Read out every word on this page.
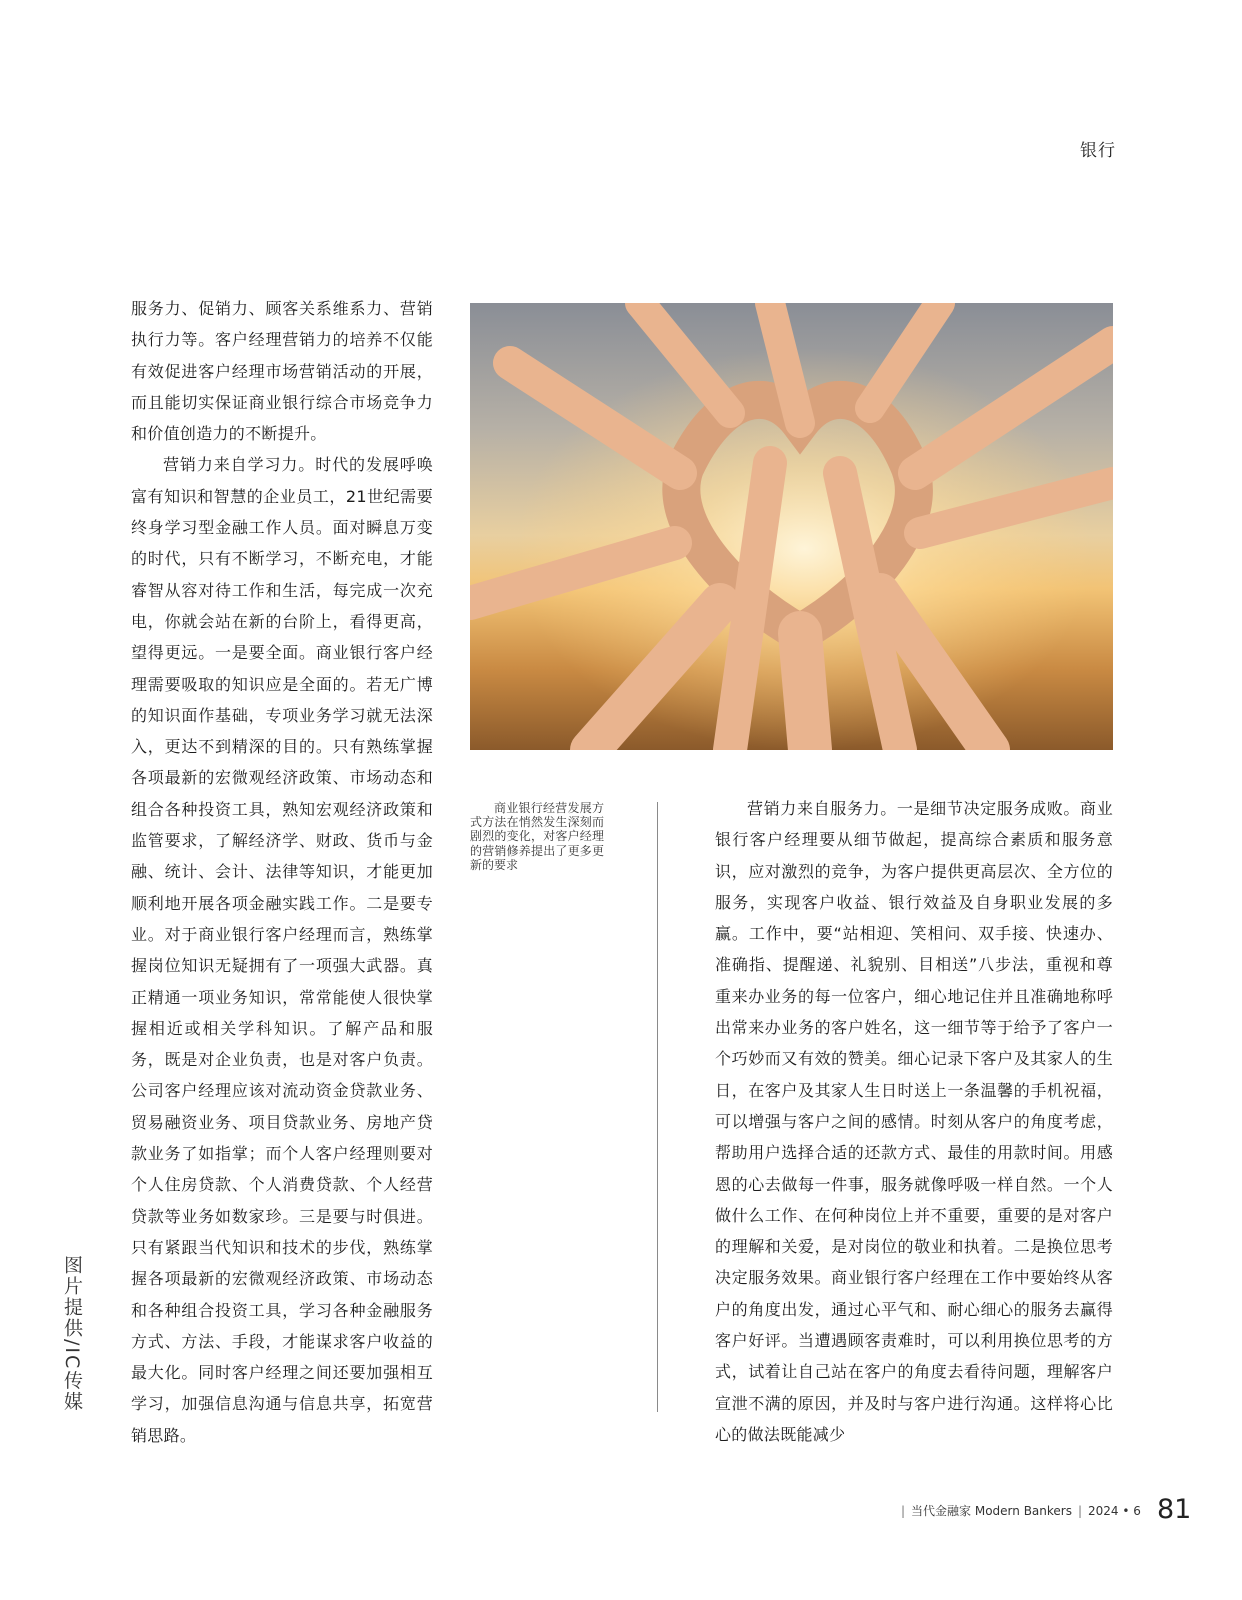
银行

服务力、促销力、顾客关系维系力、营销执行力等。客户经理营销力的培养不仅能有效促进客户经理市场营销活动的开展，而且能切实保证商业银行综合市场竞争力和价值创造力的不断提升。

营销力来自学习力。时代的发展呼唤富有知识和智慧的企业员工，21世纪需要终身学习型金融工作人员。面对瞬息万变的时代，只有不断学习，不断充电，才能睿智从容对待工作和生活，每完成一次充电，你就会站在新的台阶上，看得更高，望得更远。一是要全面。商业银行客户经理需要吸取的知识应是全面的。若无广博的知识面作基础，专项业务学习就无法深入，更达不到精深的目的。只有熟练掌握各项最新的宏微观经济政策、市场动态和组合各种投资工具，熟知宏观经济政策和监管要求，了解经济学、财政、货币与金融、统计、会计、法律等知识，才能更加顺利地开展各项金融实践工作。二是要专业。对于商业银行客户经理而言，熟练掌握岗位知识无疑拥有了一项强大武器。真正精通一项业务知识，常常能使人很快掌握相近或相关学科知识。了解产品和服务，既是对企业负责，也是对客户负责。公司客户经理应该对流动资金贷款业务、贸易融资业务、项目贷款业务、房地产贷款业务了如指掌；而个人客户经理则要对个人住房贷款、个人消费贷款、个人经营贷款等业务如数家珍。三是要与时俱进。只有紧跟当代知识和技术的步伐，熟练掌握各项最新的宏微观经济政策、市场动态和各种组合投资工具，学习各种金融服务方式、方法、手段，才能谋求客户收益的最大化。同时客户经理之间还要加强相互学习，加强信息沟通与信息共享，拓宽营销思路。

商业银行经营发展方式方法在悄然发生深刻而剧烈的变化，对客户经理的营销修养提出了更多更新的要求

营销力来自服务力。一是细节决定服务成败。商业银行客户经理要从细节做起，提高综合素质和服务意识，应对激烈的竞争，为客户提供更高层次、全方位的服务，实现客户收益、银行效益及自身职业发展的多赢。工作中，要“站相迎、笑相问、双手接、快速办、准确指、提醒递、礼貌别、目相送”八步法，重视和尊重来办业务的每一位客户，细心地记住并且准确地称呼出常来办业务的客户姓名，这一细节等于给予了客户一个巧妙而又有效的赞美。细心记录下客户及其家人的生日，在客户及其家人生日时送上一条温馨的手机祝福，可以增强与客户之间的感情。时刻从客户的角度考虑，帮助用户选择合适的还款方式、最佳的用款时间。用感恩的心去做每一件事，服务就像呼吸一样自然。一个人做什么工作、在何种岗位上并不重要，重要的是对客户的理解和关爱，是对岗位的敬业和执着。二是换位思考决定服务效果。商业银行客户经理在工作中要始终从客户的角度出发，通过心平气和、耐心细心的服务去赢得客户好评。当遭遇顾客责难时，可以利用换位思考的方式，试着让自己站在客户的角度去看待问题，理解客户宣泄不满的原因，并及时与客户进行沟通。这样将心比心的做法既能减少

图片提供/IC传媒
| 当代金融家 Modern Bankers | 2024 • 6 81
